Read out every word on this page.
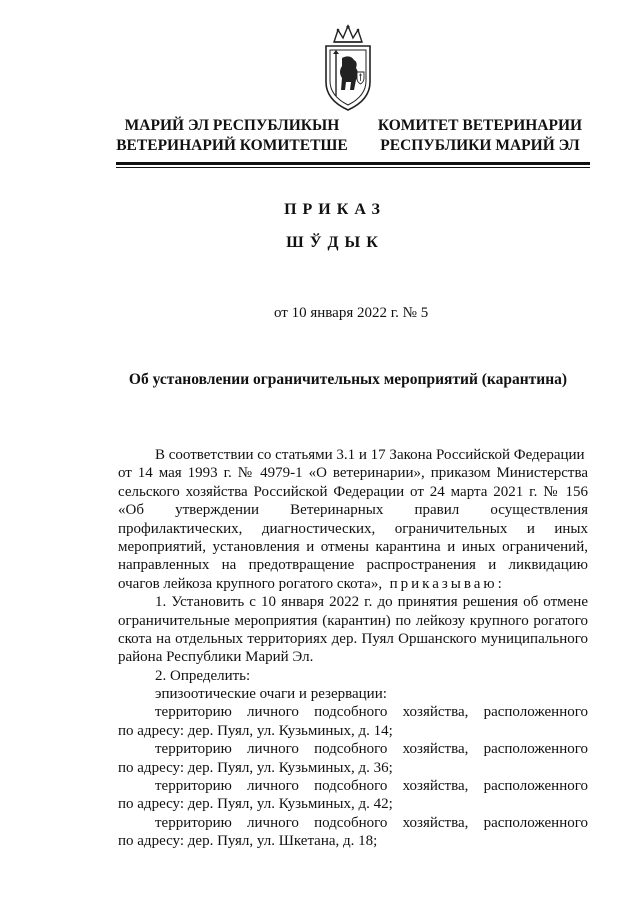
МАРИЙ ЭЛ РЕСПУБЛИКЫН
ВЕТЕРИНАРИЙ КОМИТЕТШЕ
КОМИТЕТ ВЕТЕРИНАРИИ
РЕСПУБЛИКИ МАРИЙ ЭЛ
ПРИКАЗ
ШЎДЫК
от 10 января 2022 г. № 5
Об установлении ограничительных мероприятий (карантина)
В соответствии со статьями 3.1 и 17 Закона Российской Федерации
от 14 мая 1993 г. № 4979-1 «О ветеринарии», приказом Министерства
сельского хозяйства Российской Федерации от 24 марта 2021 г. № 156
«Об утверждении Ветеринарных правил осуществления
профилактических, диагностических, ограничительных и иных
мероприятий, установления и отмены карантина и иных ограничений,
направленных на предотвращение распространения и ликвидацию
очагов лейкоза крупного рогатого скота», приказываю:
1. Установить с 10 января 2022 г. до принятия решения об отмене
ограничительные мероприятия (карантин) по лейкозу крупного рогатого
скота на отдельных территориях дер. Пуял Оршанского муниципального
района Республики Марий Эл.
2. Определить:
эпизоотические очаги и резервации:
территорию личного подсобного хозяйства, расположенного
по адресу: дер. Пуял, ул. Кузьминых, д. 14;
территорию личного подсобного хозяйства, расположенного
по адресу: дер. Пуял, ул. Кузьминых, д. 36;
территорию личного подсобного хозяйства, расположенного
по адресу: дер. Пуял, ул. Кузьминых, д. 42;
территорию личного подсобного хозяйства, расположенного
по адресу: дер. Пуял, ул. Шкетана, д. 18;
